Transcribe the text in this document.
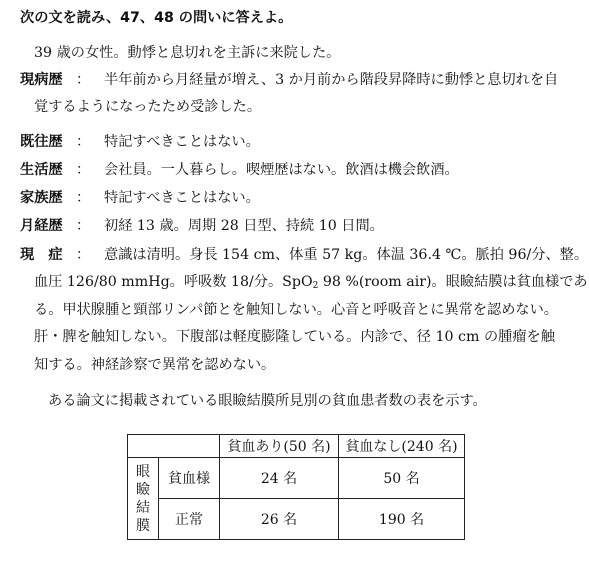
次の文を読み、47、48 の問いに答えよ。
39 歳の女性。動悸と息切れを主訴に来院した。
現病歴 ： 半年前から月経量が増え、3 か月前から階段昇降時に動悸と息切れを自
覚するようになったため受診した。
既往歴 ： 特記すべきことはない。
生活歴 ： 会社員。一人暮らし。喫煙歴はない。飲酒は機会飲酒。
家族歴 ： 特記すべきことはない。
月経歴 ： 初経 13 歳。周期 28 日型、持続 10 日間。
現　症 ： 意識は清明。身長 154 cm、体重 57 kg。体温 36.4 ℃。脈拍 96/分、整。
血圧 126/80 mmHg。呼吸数 18/分。SpO$_2$ 98 %(room air)。眼瞼結膜は貧血様であ
る。甲状腺腫と頸部リンパ節とを触知しない。心音と呼吸音とに異常を認めない。
肝・脾を触知しない。下腹部は軽度膨隆している。内診で、径 10 cm の腫瘤を触
知する。神経診察で異常を認めない。
ある論文に掲載されている眼瞼結膜所見別の貧血患者数の表を示す。
		貧血あり(50 名)	貧血なし(240 名)

眼
瞼
結
膜	貧血様	24 名	50 名
	正常	26 名	190 名
